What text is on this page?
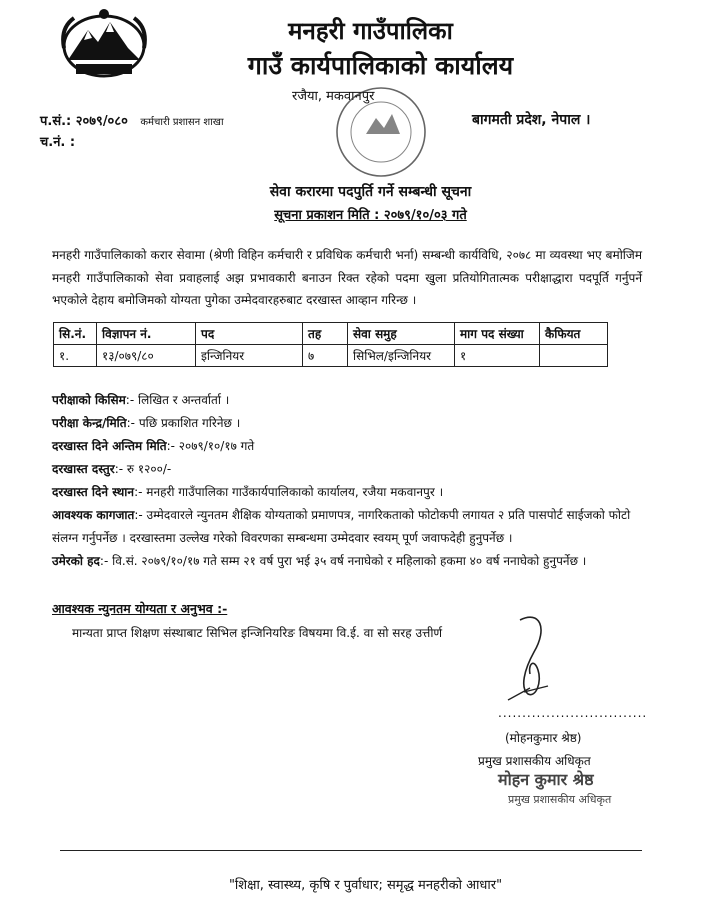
मनहरी गाउँपालिका
गाउँ कार्यपालिकाको कार्यालय
रजैया, मकवानपुर
प.सं.: २०७९/०८० कर्मचारी प्रशासन शाखा
च.नं. :
बागमती प्रदेश, नेपाल ।
सेवा करारमा पदपुर्ति गर्ने सम्बन्धी सूचना
सूचना प्रकाशन मिति : २०७९/१०/०३ गते
मनहरी गाउँपालिकाको करार सेवामा (श्रेणी विहिन कर्मचारी र प्रविधिक कर्मचारी भर्ना) सम्बन्धी कार्यविधि, २०७८ मा व्यवस्था भए बमोजिम मनहरी गाउँपालिकाको सेवा प्रवाहलाई अझ प्रभावकारी बनाउन रिक्त रहेको पदमा खुला प्रतियोगितात्मक परीक्षाद्धारा पदपूर्ति गर्नुपर्ने भएकोले देहाय बमोजिमको योग्यता पुगेका उम्मेदवारहरुबाट दरखास्त आव्हान गरिन्छ ।
सि.नं.	विज्ञापन नं.	पद	तह	सेवा समुह	माग पद संख्या	कैफियत
१.	१३/०७९/८०	इन्जिनियर	७	सिभिल/इन्जिनियर	१	
परीक्षाको किसिम:- लिखित र अन्तर्वार्ता ।
परीक्षा केन्द्र/मिति:- पछि प्रकाशित गरिनेछ ।
दरखास्त दिने अन्तिम मिति:- २०७९/१०/१७ गते
दरखास्त दस्तुर:- रु १२००/-
दरखास्त दिने स्थान:- मनहरी गाउँपालिका गाउँकार्यपालिकाको कार्यालय, रजैया मकवानपुर ।
आवश्यक कागजात:- उम्मेदवारले न्युनतम शैक्षिक योग्यताको प्रमाणपत्र, नागरिकताको फोटोकपी लगायत २ प्रति पासपोर्ट साईजको फोटो संलग्न गर्नुपर्नेछ । दरखास्तमा उल्लेख गरेको विवरणका सम्बन्धमा उम्मेदवार स्वयम् पूर्ण जवाफदेही हुनुपर्नेछ ।
उमेरको हद:- वि.सं. २०७९/१०/१७ गते सम्म २१ वर्ष पुरा भई ३५ वर्ष ननाघेको र महिलाको हकमा ४० वर्ष ननाघेको हुनुपर्नेछ ।
आवश्यक न्युनतम योग्यता र अनुभव :-
मान्यता प्राप्त शिक्षण संस्थाबाट सिभिल इन्जिनियरिङ विषयमा वि.ई. वा सो सरह उत्तीर्ण
...............................
(मोहनकुमार श्रेष्ठ)
प्रमुख प्रशासकीय अधिकृत
मोहन कुमार श्रेष्ठ
प्रमुख प्रशासकीय अधिकृत
"शिक्षा, स्वास्थ्य, कृषि र पुर्वाधार; समृद्ध मनहरीको आधार"
